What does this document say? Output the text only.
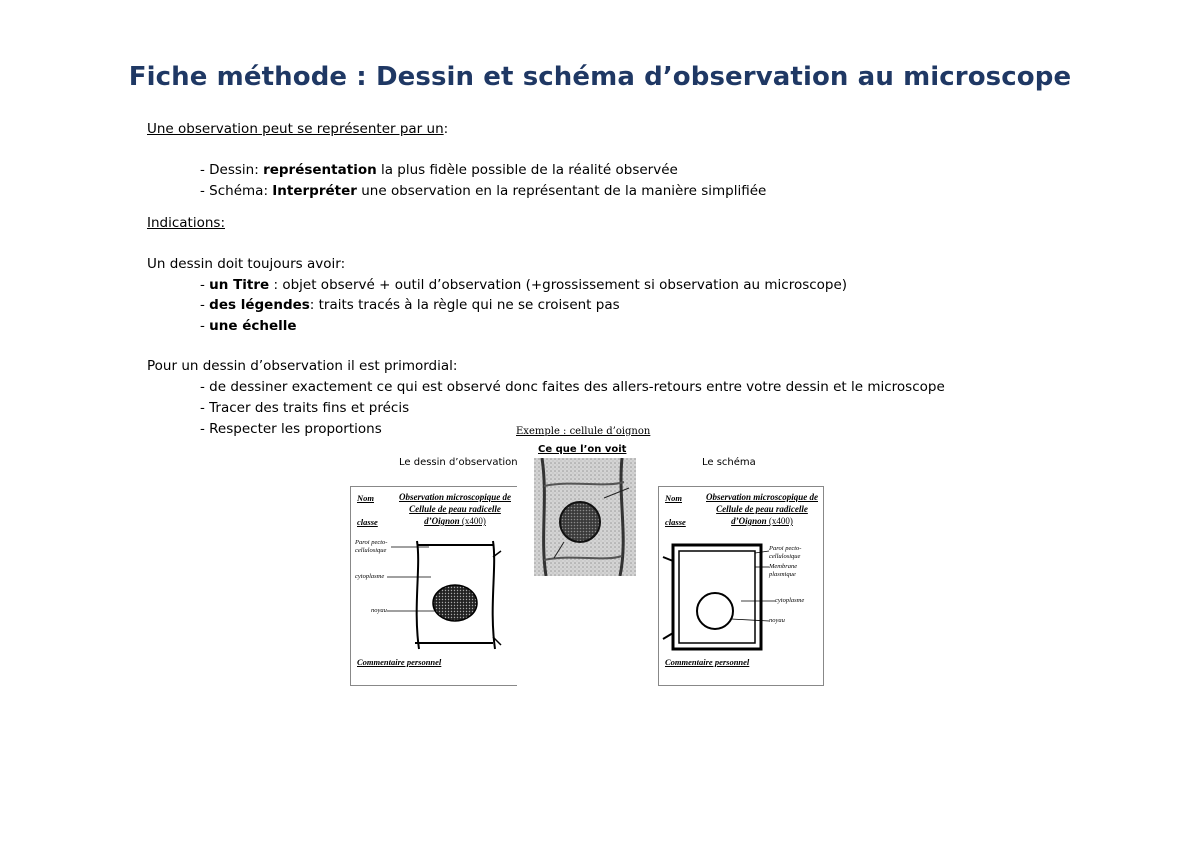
Fiche méthode : Dessin et schéma d’observation au microscope
Une observation peut se représenter par un:
- Dessin: représentation la plus fidèle possible de la réalité observée
- Schéma: Interpréter une observation en la représentant de la manière simplifiée
Indications:
Un dessin doit toujours avoir:
- un Titre : objet observé + outil d’observation (+grossissement si observation au microscope)
- des légendes: traits tracés à la règle qui ne se croisent pas
- une échelle
Pour un dessin d’observation il est primordial:
- de dessiner exactement ce qui est observé donc faites des allers-retours entre votre dessin et le microscope
- Tracer des traits fins et précis
- Respecter les proportions	Exemple : cellule d’oignon
Ce que l’on voit
Le dessin d’observation	Le schéma
Nom
classe
Observation microscopique de
Cellule de peau radicelle
d’Oignon (x400)
Paroi pecto-cellulosique
cytoplasme
noyau
Commentaire personnel
Nom
classe
Observation microscopique de
Cellule de peau radicelle
d’Oignon (x400)
Paroi pecto-cellulosique
Membrane plasmique
cytoplasme
noyau
Commentaire personnel
